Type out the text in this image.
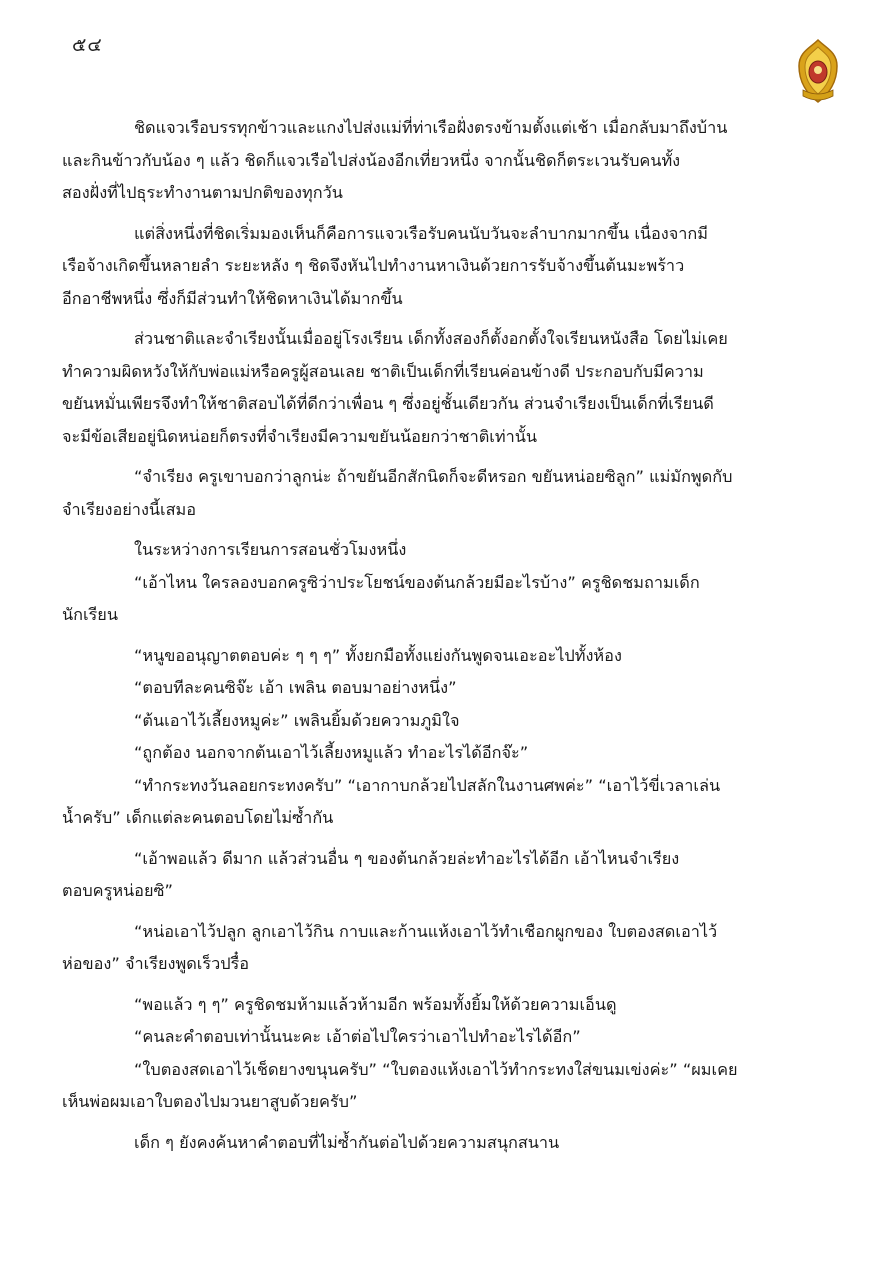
๕๔
ชิดแจวเรือบรรทุกข้าวและแกงไปส่งแม่ที่ท่าเรือฝั่งตรงข้ามตั้งแต่เช้า เมื่อกลับมาถึงบ้าน
และกินข้าวกับน้อง ๆ แล้ว ชิดก็แจวเรือไปส่งน้องอีกเที่ยวหนึ่ง จากนั้นชิดก็ตระเวนรับคนทั้ง
สองฝั่งที่ไปธุระทำงานตามปกติของทุกวัน
แต่สิ่งหนึ่งที่ชิดเริ่มมองเห็นก็คือการแจวเรือรับคนนับวันจะลำบากมากขึ้น เนื่องจากมี
เรือจ้างเกิดขึ้นหลายลำ ระยะหลัง ๆ ชิดจึงหันไปทำงานหาเงินด้วยการรับจ้างขึ้นต้นมะพร้าว
อีกอาชีพหนึ่ง ซึ่งก็มีส่วนทำให้ชิดหาเงินได้มากขึ้น
ส่วนชาติและจำเรียงนั้นเมื่ออยู่โรงเรียน เด็กทั้งสองก็ตั้งอกตั้งใจเรียนหนังสือ โดยไม่เคย
ทำความผิดหวังให้กับพ่อแม่หรือครูผู้สอนเลย ชาติเป็นเด็กที่เรียนค่อนข้างดี ประกอบกับมีความ
ขยันหมั่นเพียรจึงทำให้ชาติสอบได้ที่ดีกว่าเพื่อน ๆ ซึ่งอยู่ชั้นเดียวกัน ส่วนจำเรียงเป็นเด็กที่เรียนดี
จะมีข้อเสียอยู่นิดหน่อยก็ตรงที่จำเรียงมีความขยันน้อยกว่าชาติเท่านั้น
“จำเรียง ครูเขาบอกว่าลูกน่ะ ถ้าขยันอีกสักนิดก็จะดีหรอก ขยันหน่อยซิลูก” แม่มักพูดกับ
จำเรียงอย่างนี้เสมอ
ในระหว่างการเรียนการสอนชั่วโมงหนึ่ง
“เอ้าไหน ใครลองบอกครูซิว่าประโยชน์ของต้นกล้วยมีอะไรบ้าง” ครูชิดชมถามเด็ก
นักเรียน
“หนูขออนุญาตตอบค่ะ ๆ ๆ ๆ” ทั้งยกมือทั้งแย่งกันพูดจนเอะอะไปทั้งห้อง
“ตอบทีละคนซิจ๊ะ เอ้า เพลิน ตอบมาอย่างหนึ่ง”
“ต้นเอาไว้เลี้ยงหมูค่ะ” เพลินยิ้มด้วยความภูมิใจ
“ถูกต้อง นอกจากต้นเอาไว้เลี้ยงหมูแล้ว ทำอะไรได้อีกจ๊ะ”
“ทำกระทงวันลอยกระทงครับ” “เอากาบกล้วยไปสลักในงานศพค่ะ” “เอาไว้ขี่เวลาเล่น
น้ำครับ” เด็กแต่ละคนตอบโดยไม่ซ้ำกัน
“เอ้าพอแล้ว ดีมาก แล้วส่วนอื่น ๆ ของต้นกล้วยล่ะทำอะไรได้อีก เอ้าไหนจำเรียง
ตอบครูหน่อยซิ”
“หน่อเอาไว้ปลูก ลูกเอาไว้กิน กาบและก้านแห้งเอาไว้ทำเชือกผูกของ ใบตองสดเอาไว้
ห่อของ” จำเรียงพูดเร็วปรื๋อ
“พอแล้ว ๆ ๆ” ครูชิดชมห้ามแล้วห้ามอีก พร้อมทั้งยิ้มให้ด้วยความเอ็นดู
“คนละคำตอบเท่านั้นนะคะ เอ้าต่อไปใครว่าเอาไปทำอะไรได้อีก”
“ใบตองสดเอาไว้เช็ดยางขนุนครับ” “ใบตองแห้งเอาไว้ทำกระทงใส่ขนมเข่งค่ะ” “ผมเคย
เห็นพ่อผมเอาใบตองไปมวนยาสูบด้วยครับ”
เด็ก ๆ ยังคงค้นหาคำตอบที่ไม่ซ้ำกันต่อไปด้วยความสนุกสนาน
